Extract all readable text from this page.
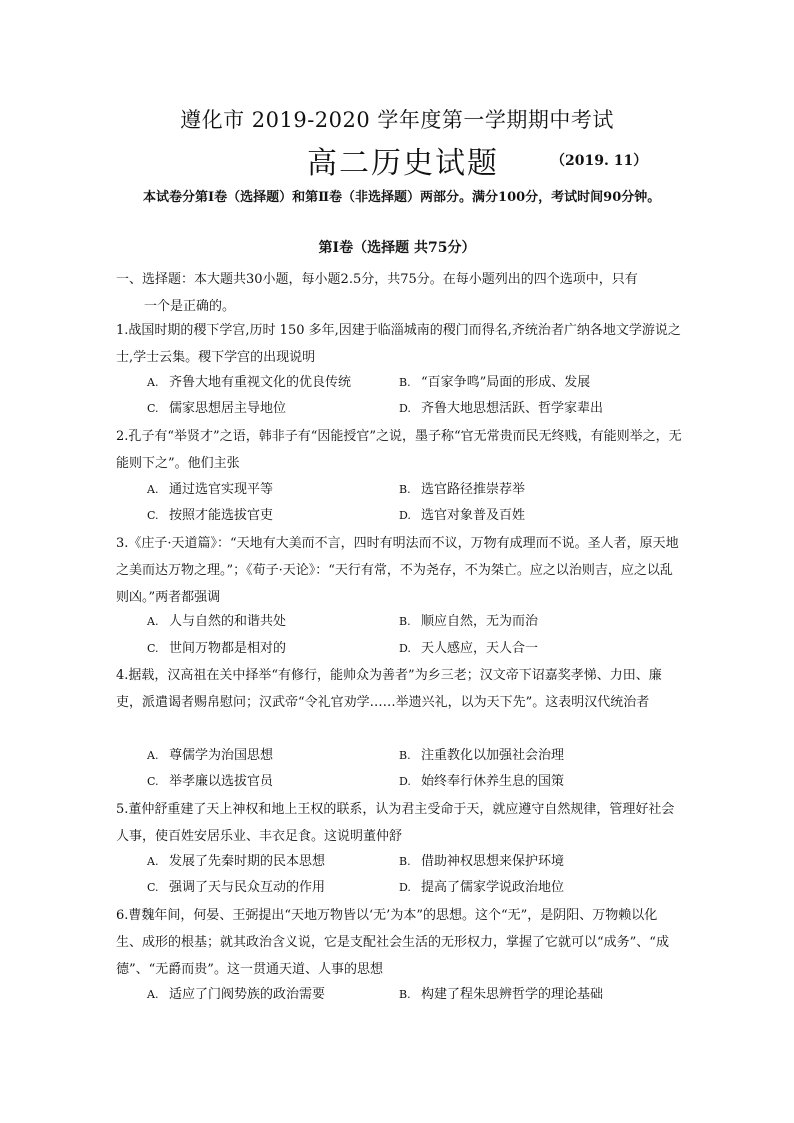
遵化市 2019-2020 学年度第一学期期中考试
高二历史试题	（2019. 11）
本试卷分第Ⅰ卷（选择题）和第Ⅱ卷（非选择题）两部分。满分100分，考试时间90分钟。
第Ⅰ卷（选择题 共75分）
一、选择题：本大题共30小题，每小题2.5分，共75分。在每小题列出的四个选项中，只有
一个是正确的。
1.战国时期的稷下学宫,历时 150 多年,因建于临淄城南的稷门而得名,齐统治者广纳各地文学游说之士,学士云集。稷下学宫的出现说明
A. 齐鲁大地有重视文化的优良传统	B. “百家争鸣”局面的形成、发展
C. 儒家思想居主导地位	D. 齐鲁大地思想活跃、哲学家辈出
2.孔子有“举贤才”之语，韩非子有“因能授官”之说，墨子称“官无常贵而民无终贱，有能则举之，无能则下之”。他们主张
A. 通过选官实现平等	B. 选官路径推崇荐举
C. 按照才能选拔官吏	D. 选官对象普及百姓
3.《庄子·天道篇》：“天地有大美而不言，四时有明法而不议，万物有成理而不说。圣人者，原天地之美而达万物之理。”；《荀子·天论》：“天行有常，不为尧存，不为桀亡。应之以治则吉，应之以乱则凶。”两者都强调
A. 人与自然的和谐共处	B. 顺应自然，无为而治
C. 世间万物都是相对的	D. 天人感应，天人合一
4.据载，汉高祖在关中择举“有修行，能帅众为善者”为乡三老；汉文帝下诏嘉奖孝悌、力田、廉吏，派遣谒者赐帛慰问；汉武帝“令礼官劝学……举遗兴礼，以为天下先”。这表明汉代统治者
A. 尊儒学为治国思想	B. 注重教化以加强社会治理
C. 举孝廉以选拔官员	D. 始终奉行休养生息的国策
5.董仲舒重建了天上神权和地上王权的联系，认为君主受命于天，就应遵守自然规律，管理好社会人事，使百姓安居乐业、丰衣足食。这说明董仲舒
A. 发展了先秦时期的民本思想	B. 借助神权思想来保护环境
C. 强调了天与民众互动的作用	D. 提高了儒家学说政治地位
6.曹魏年间，何晏、王弼提出“天地万物皆以‘无’为本”的思想。这个“无”，是阴阳、万物赖以化生、成形的根基；就其政治含义说，它是支配社会生活的无形权力，掌握了它就可以“成务”、“成德”、“无爵而贵”。这一贯通天道、人事的思想
A. 适应了门阀势族的政治需要	B. 构建了程朱思辨哲学的理论基础
